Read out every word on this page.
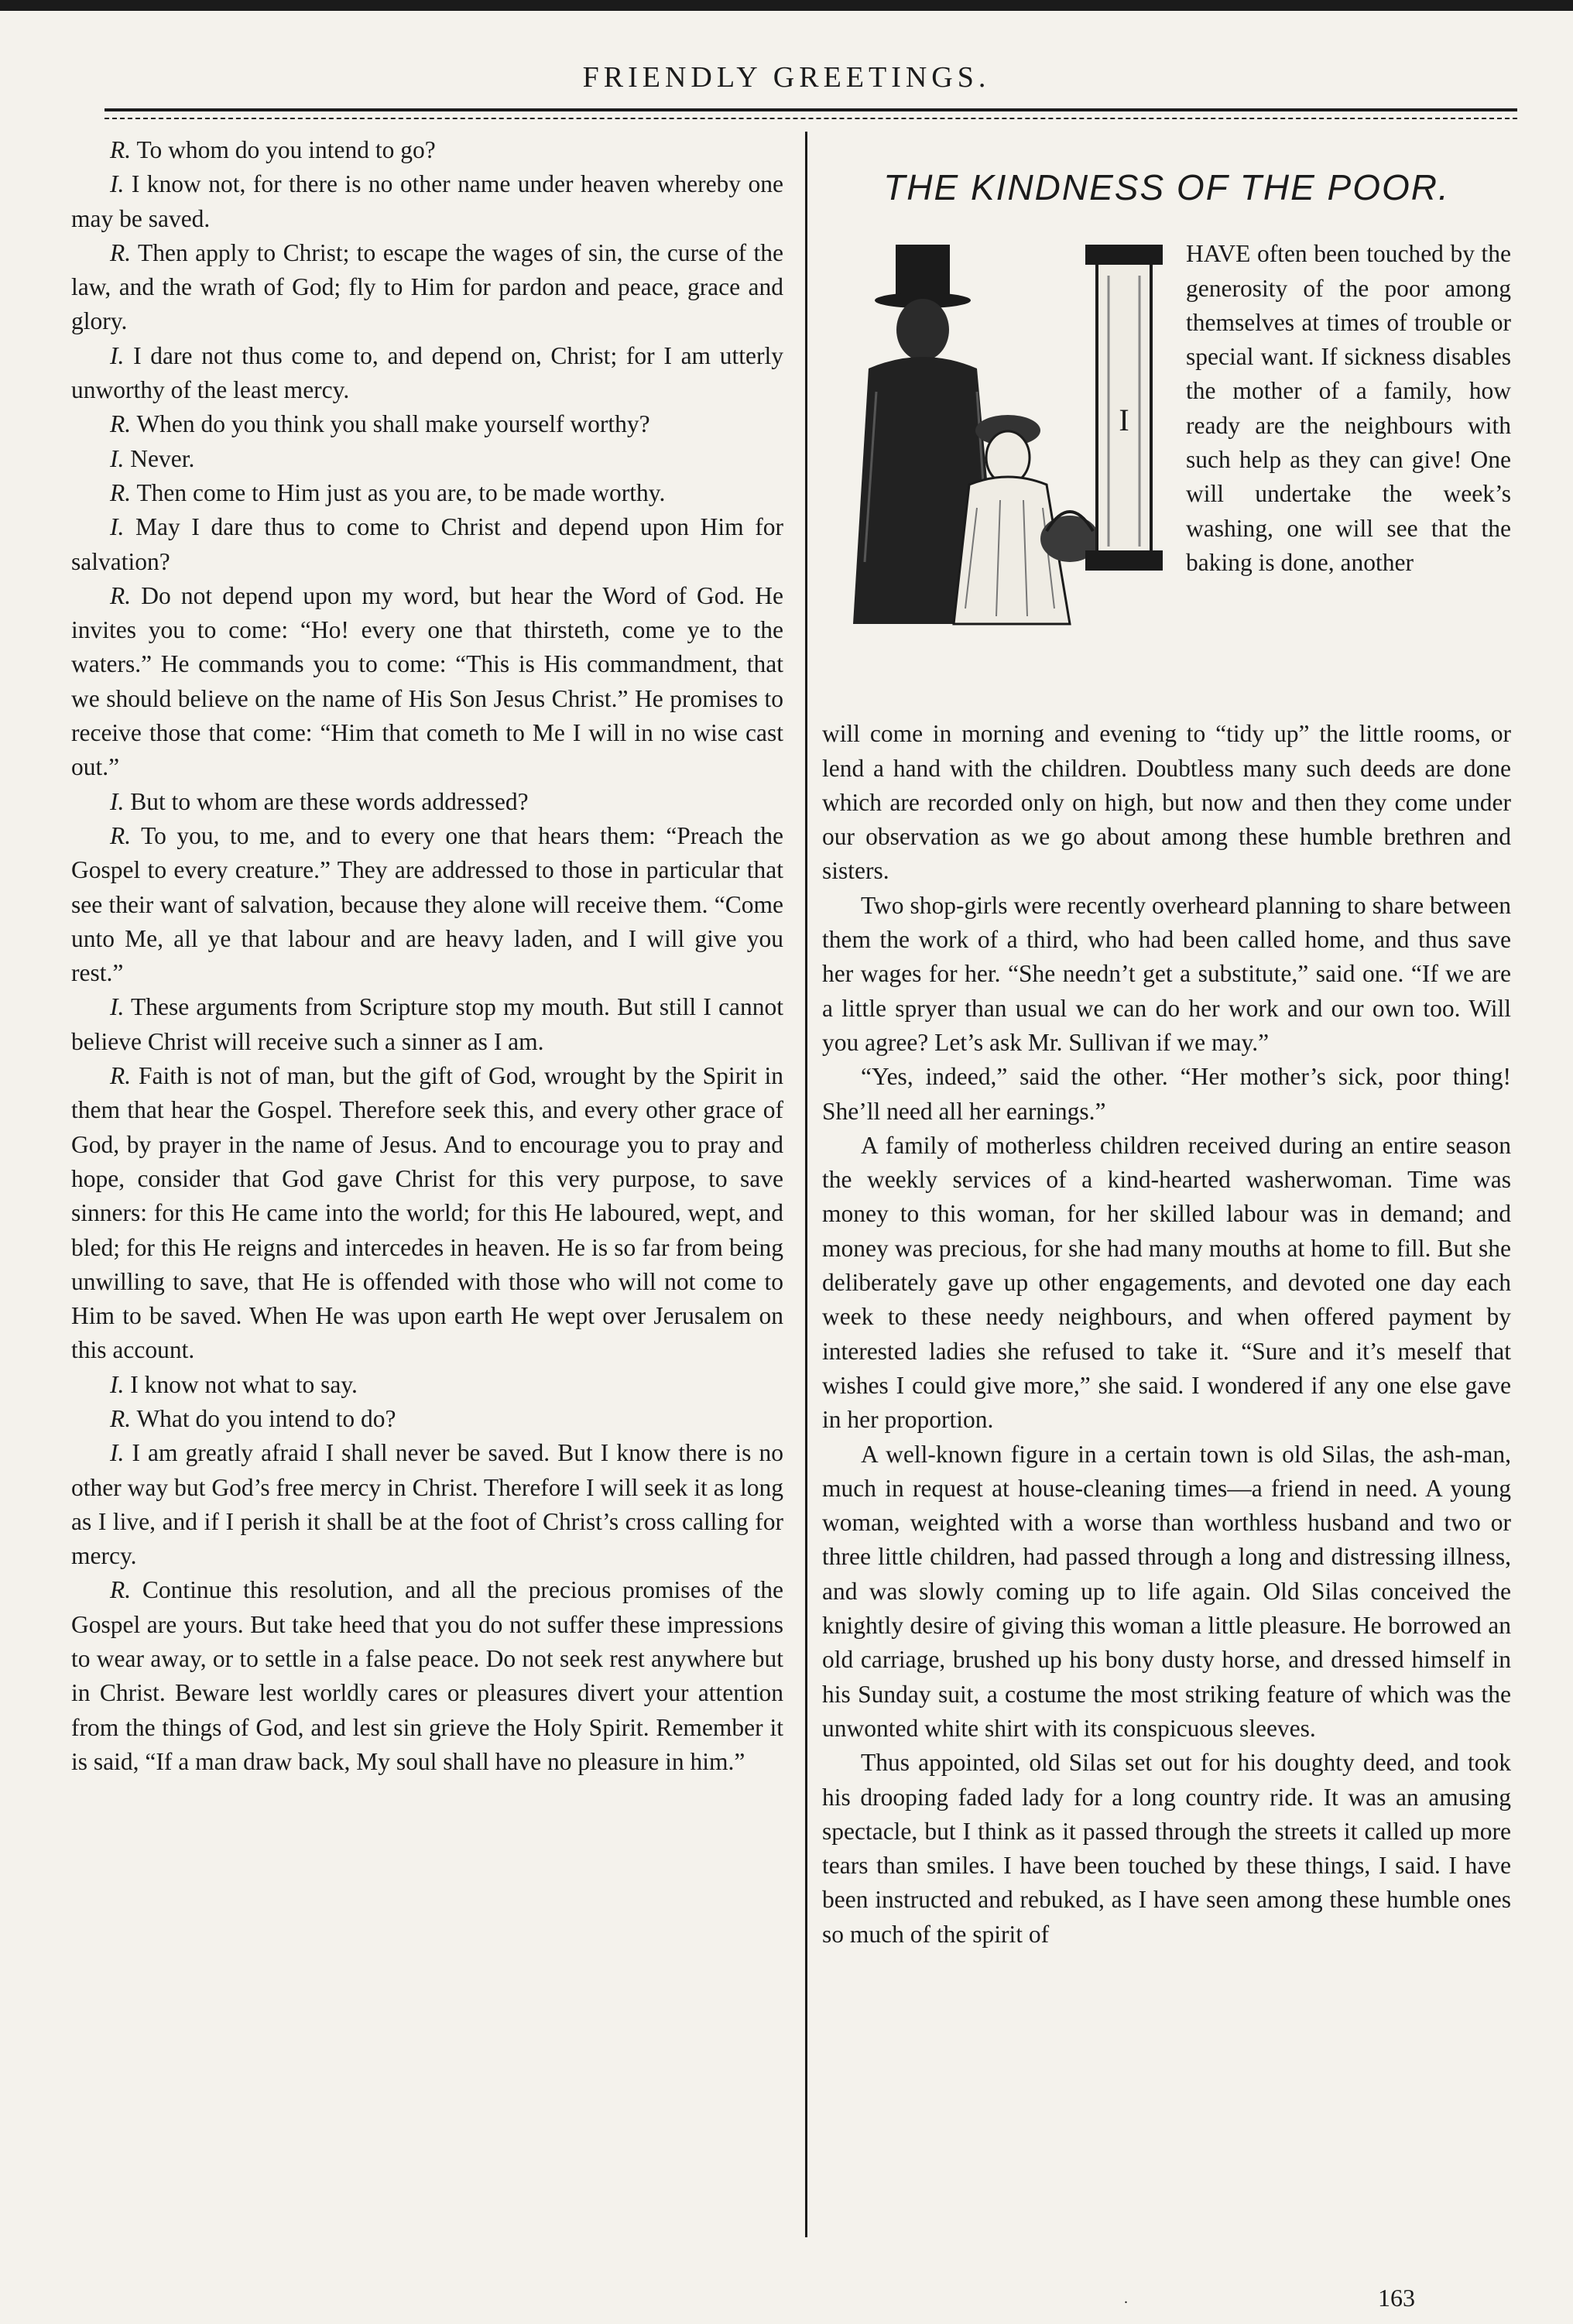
FRIENDLY GREETINGS.

R. To whom do you intend to go?

I. I know not, for there is no other name under heaven whereby one may be saved.

R. Then apply to Christ; to escape the wages of sin, the curse of the law, and the wrath of God; fly to Him for pardon and peace, grace and glory.

I. I dare not thus come to, and depend on, Christ; for I am utterly unworthy of the least mercy.

R. When do you think you shall make yourself worthy?

I. Never.

R. Then come to Him just as you are, to be made worthy.

I. May I dare thus to come to Christ and depend upon Him for salvation?

R. Do not depend upon my word, but hear the Word of God. He invites you to come: “Ho! every one that thirsteth, come ye to the waters.” He commands you to come: “This is His commandment, that we should believe on the name of His Son Jesus Christ.” He promises to receive those that come: “Him that cometh to Me I will in no wise cast out.”

I. But to whom are these words addressed?

R. To you, to me, and to every one that hears them: “Preach the Gospel to every creature.” They are addressed to those in particular that see their want of salvation, because they alone will receive them. “Come unto Me, all ye that labour and are heavy laden, and I will give you rest.”

I. These arguments from Scripture stop my mouth. But still I cannot believe Christ will receive such a sinner as I am.

R. Faith is not of man, but the gift of God, wrought by the Spirit in them that hear the Gospel. Therefore seek this, and every other grace of God, by prayer in the name of Jesus. And to encourage you to pray and hope, consider that God gave Christ for this very purpose, to save sinners: for this He came into the world; for this He laboured, wept, and bled; for this He reigns and intercedes in heaven. He is so far from being unwilling to save, that He is offended with those who will not come to Him to be saved. When He was upon earth He wept over Jerusalem on this account.

I. I know not what to say.

R. What do you intend to do?

I. I am greatly afraid I shall never be saved. But I know there is no other way but God’s free mercy in Christ. Therefore I will seek it as long as I live, and if I perish it shall be at the foot of Christ’s cross calling for mercy.

R. Continue this resolution, and all the precious promises of the Gospel are yours. But take heed that you do not suffer these impressions to wear away, or to settle in a false peace. Do not seek rest anywhere but in Christ. Beware lest worldly cares or pleasures divert your attention from the things of God, and lest sin grieve the Holy Spirit. Remember it is said, “If a man draw back, My soul shall have no pleasure in him.”

THE KINDNESS OF THE POOR.
I

HAVE often been touched by the generosity of the poor among themselves at times of trouble or special want. If sickness disables the mother of a family, how ready are the neighbours with such help as they can give! One will undertake the week’s washing, one will see that the baking is done, another

will come in morning and evening to “tidy up” the little rooms, or lend a hand with the children. Doubtless many such deeds are done which are recorded only on high, but now and then they come under our observation as we go about among these humble brethren and sisters.

Two shop-girls were recently overheard planning to share between them the work of a third, who had been called home, and thus save her wages for her. “She needn’t get a substitute,” said one. “If we are a little spryer than usual we can do her work and our own too. Will you agree? Let’s ask Mr. Sullivan if we may.”

“Yes, indeed,” said the other. “Her mother’s sick, poor thing! She’ll need all her earnings.”

A family of motherless children received during an entire season the weekly services of a kind-hearted washerwoman. Time was money to this woman, for her skilled labour was in demand; and money was precious, for she had many mouths at home to fill. But she deliberately gave up other engagements, and devoted one day each week to these needy neighbours, and when offered payment by interested ladies she refused to take it. “Sure and it’s meself that wishes I could give more,” she said. I wondered if any one else gave in her proportion.

A well-known figure in a certain town is old Silas, the ash-man, much in request at house-cleaning times—a friend in need. A young woman, weighted with a worse than worthless husband and two or three little children, had passed through a long and distressing illness, and was slowly coming up to life again. Old Silas conceived the knightly desire of giving this woman a little pleasure. He borrowed an old carriage, brushed up his bony dusty horse, and dressed himself in his Sunday suit, a costume the most striking feature of which was the unwonted white shirt with its conspicuous sleeves.

Thus appointed, old Silas set out for his doughty deed, and took his drooping faded lady for a long country ride. It was an amusing spectacle, but I think as it passed through the streets it called up more tears than smiles. I have been touched by these things, I said. I have been instructed and rebuked, as I have seen among these humble ones so much of the spirit of

.	163
